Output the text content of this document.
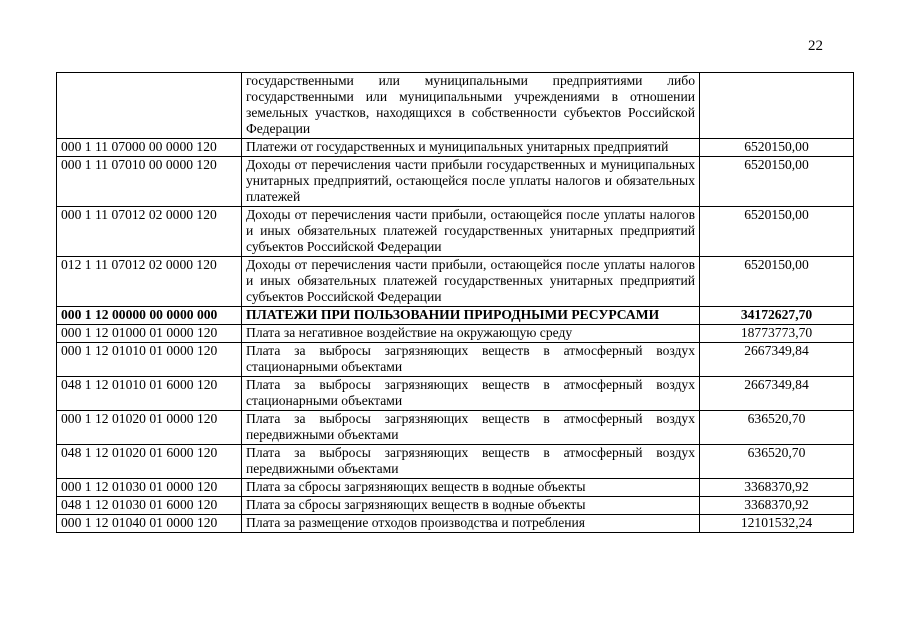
22
	государственными или муниципальными предприятиями либо государственными или муниципальными учреждениями в отношении земельных участков, находящихся в собственности субъектов Российской Федерации	
000 1 11 07000 00 0000 120	Платежи от государственных и муниципальных унитарных предприятий	6520150,00
000 1 11 07010 00 0000 120	Доходы от перечисления части прибыли государственных и муниципальных унитарных предприятий, остающейся после уплаты налогов и обязательных платежей	6520150,00
000 1 11 07012 02 0000 120	Доходы от перечисления части прибыли, остающейся после уплаты налогов и иных обязательных платежей государственных унитарных предприятий субъектов Российской Федерации	6520150,00
012 1 11 07012 02 0000 120	Доходы от перечисления части прибыли, остающейся после уплаты налогов и иных обязательных платежей государственных унитарных предприятий субъектов Российской Федерации	6520150,00
000 1 12 00000 00 0000 000	ПЛАТЕЖИ ПРИ ПОЛЬЗОВАНИИ ПРИРОДНЫМИ РЕСУРСАМИ	34172627,70
000 1 12 01000 01 0000 120	Плата за негативное воздействие на окружающую среду	18773773,70
000 1 12 01010 01 0000 120	Плата за выбросы загрязняющих веществ в атмосферный воздух стационарными объектами	2667349,84
048 1 12 01010 01 6000 120	Плата за выбросы загрязняющих веществ в атмосферный воздух стационарными объектами	2667349,84
000 1 12 01020 01 0000 120	Плата за выбросы загрязняющих веществ в атмосферный воздух передвижными объектами	636520,70
048 1 12 01020 01 6000 120	Плата за выбросы загрязняющих веществ в атмосферный воздух передвижными объектами	636520,70
000 1 12 01030 01 0000 120	Плата за сбросы загрязняющих веществ в водные объекты	3368370,92
048 1 12 01030 01 6000 120	Плата за сбросы загрязняющих веществ в водные объекты	3368370,92
000 1 12 01040 01 0000 120	Плата за размещение отходов производства и потребления	12101532,24
